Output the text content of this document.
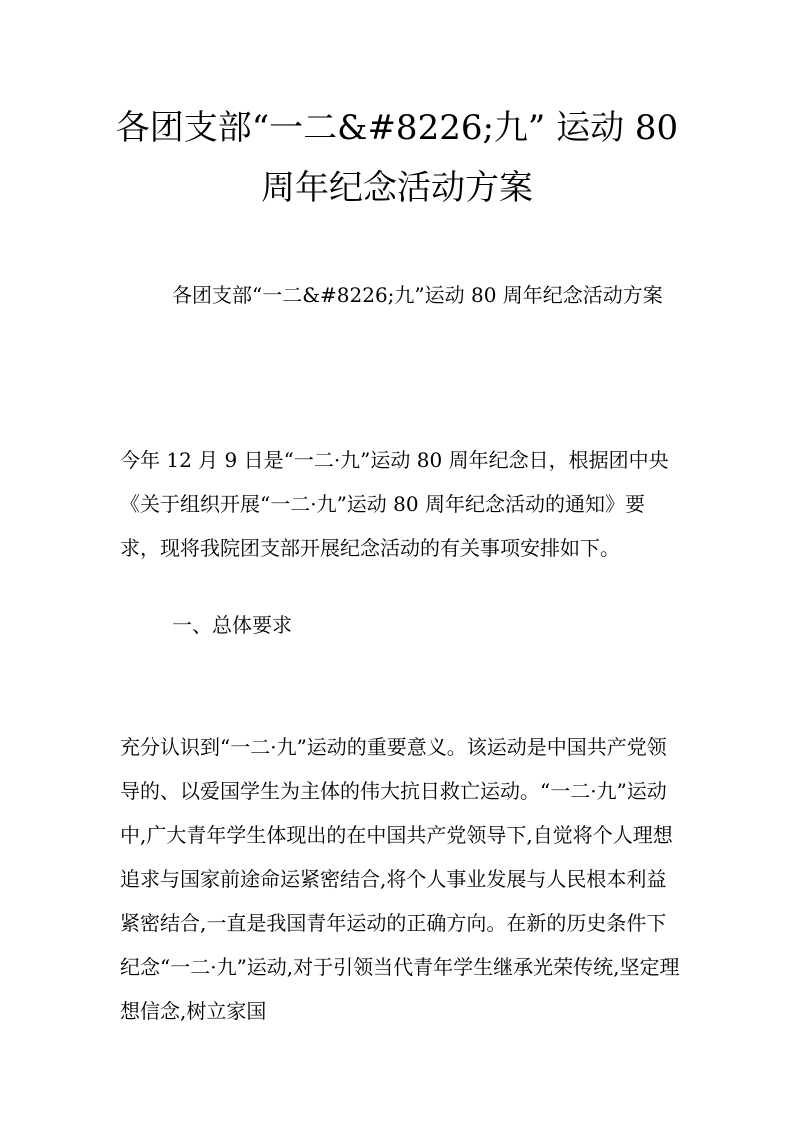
各团支部“一二&#8226;九” 运动 80
周年纪念活动方案

各团支部“一二&#8226;九”运动 80 周年纪念活动方案

今年 12 月 9 日是“一二·九”运动 80 周年纪念日，根据团中央《关于组织开展“一二·九”运动 80 周年纪念活动的通知》要求，现将我院团支部开展纪念活动的有关事项安排如下。

一、总体要求

充分认识到“一二·九”运动的重要意义。该运动是中国共产党领导的、以爱国学生为主体的伟大抗日救亡运动。“一二·九”运动中,广大青年学生体现出的在中国共产党领导下,自觉将个人理想追求与国家前途命运紧密结合,将个人事业发展与人民根本利益紧密结合,一直是我国青年运动的正确方向。在新的历史条件下纪念“一二·九”运动,对于引领当代青年学生继承光荣传统,坚定理想信念,树立家国
